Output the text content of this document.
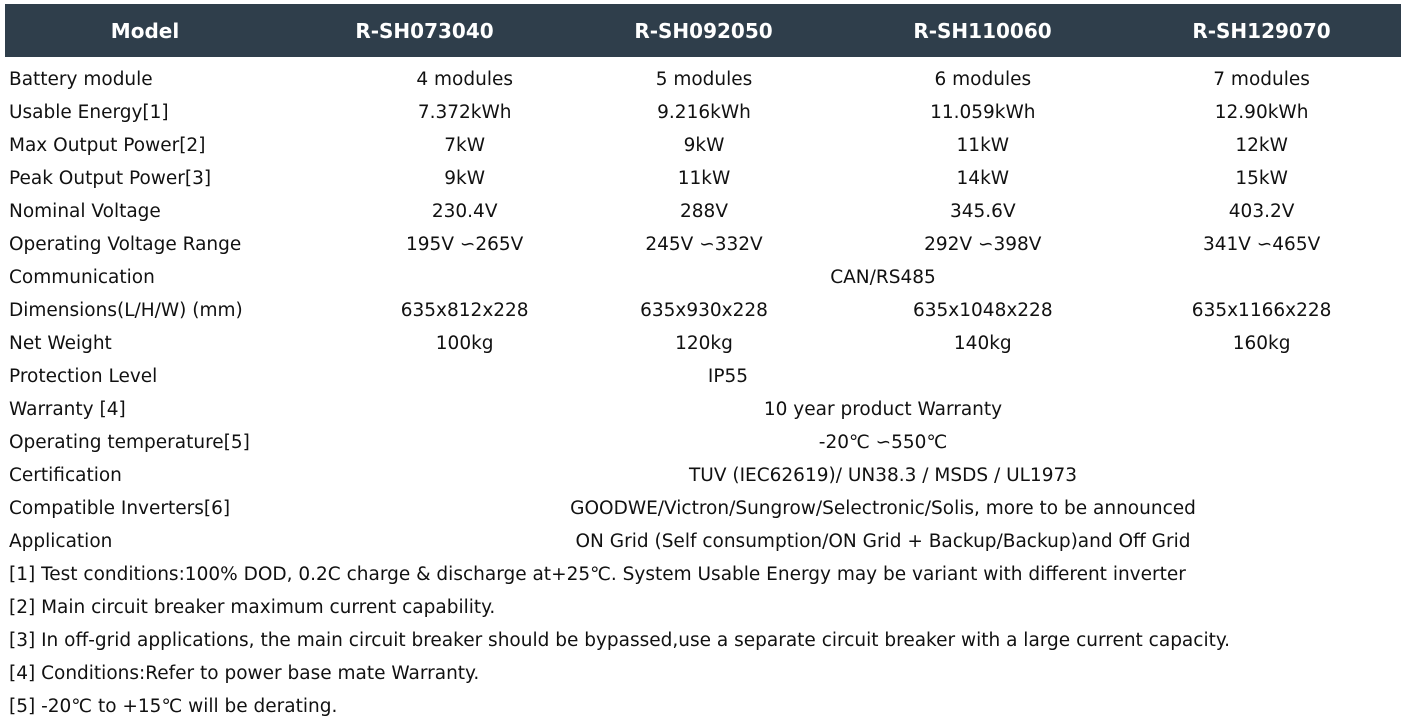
Model	R-SH073040	R-SH092050	R-SH110060	R-SH129070
Battery module	4 modules	5 modules	6 modules	7 modules
Usable Energy[1]	7.372kWh	9.216kWh	11.059kWh	12.90kWh
Max Output Power[2]	7kW	9kW	11kW	12kW
Peak Output Power[3]	9kW	11kW	14kW	15kW
Nominal Voltage	230.4V	288V	345.6V	403.2V
Operating Voltage Range	195V ∽265V	245V ∽332V	292V ∽398V	341V ∽465V
Communication	CAN/RS485
Dimensions(L/H/W) (mm)	635x812x228	635x930x228	635x1048x228	635x1166x228
Net Weight	100kg	120kg	140kg	160kg
Protection Level	IP55
Warranty [4]	10 year product Warranty
Operating temperature[5]	-20℃ ∽550℃
Certification	TUV (IEC62619)/ UN38.3 / MSDS / UL1973
Compatible Inverters[6]	GOODWE/Victron/Sungrow/Selectronic/Solis, more to be announced
Application	ON Grid (Self consumption/ON Grid + Backup/Backup)and Off Grid
[1] Test conditions:100% DOD, 0.2C charge & discharge at+25℃. System Usable Energy may be variant with different inverter
[2] Main circuit breaker maximum current capability.
[3] In off-grid applications, the main circuit breaker should be bypassed,use a separate circuit breaker with a large current capacity.
[4] Conditions:Refer to power base mate Warranty.
[5] -20℃ to +15℃ will be derating.
